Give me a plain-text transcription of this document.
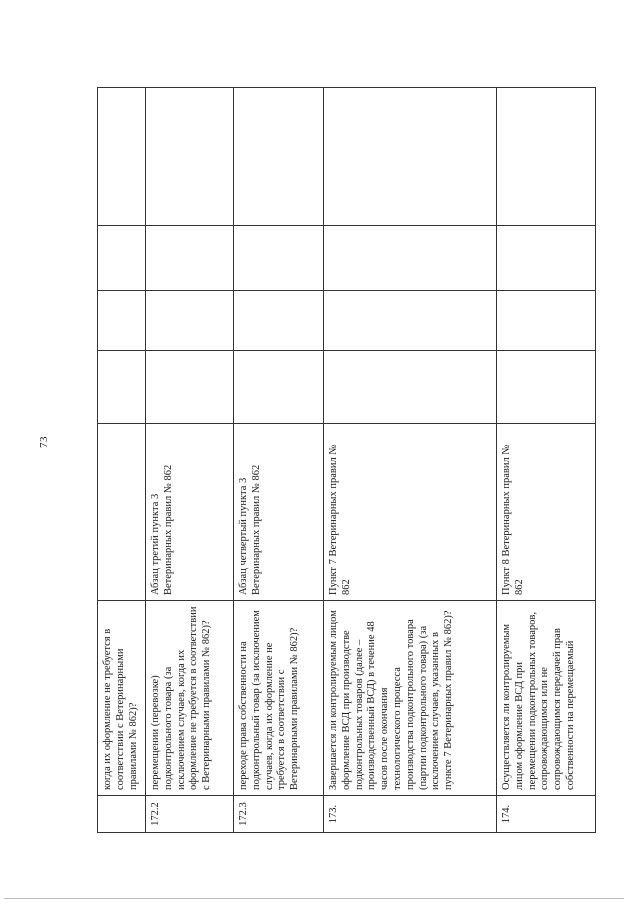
73
	когда их оформление не требуется в соответствии с Ветеринарными правилами № 862)?					
172.2	перемещении (перевозке) подконтрольного товара (за исключением случаев, когда их оформление не требуется в соответствии с Ветеринарными правилами № 862)?	Абзац третий пункта 3 Ветеринарных правил № 862				
172.3	переходе права собственности на подконтрольный товар (за исключением случаев, когда их оформление не требуется в соответствии с Ветеринарными правилами № 862)?	Абзац четвертый пункта 3 Ветеринарных правил № 862				
173.	Завершается ли контролируемым лицом оформление ВСД при производстве подконтрольных товаров (далее – производственный ВСД) в течение 48 часов после окончания технологического процесса производства подконтрольного товара (партии подконтрольного товара) (за исключением случаев, указанных в пункте 7 Ветеринарных правил № 862)?	Пункт 7 Ветеринарных правил № 862				
174.	Осуществляется ли контролируемым лицом оформление ВСД при перемещении подконтрольных товаров, сопровождающимся или не сопровождающимся передачей прав собственности на перемещаемый	Пункт 8 Ветеринарных правил № 862				
